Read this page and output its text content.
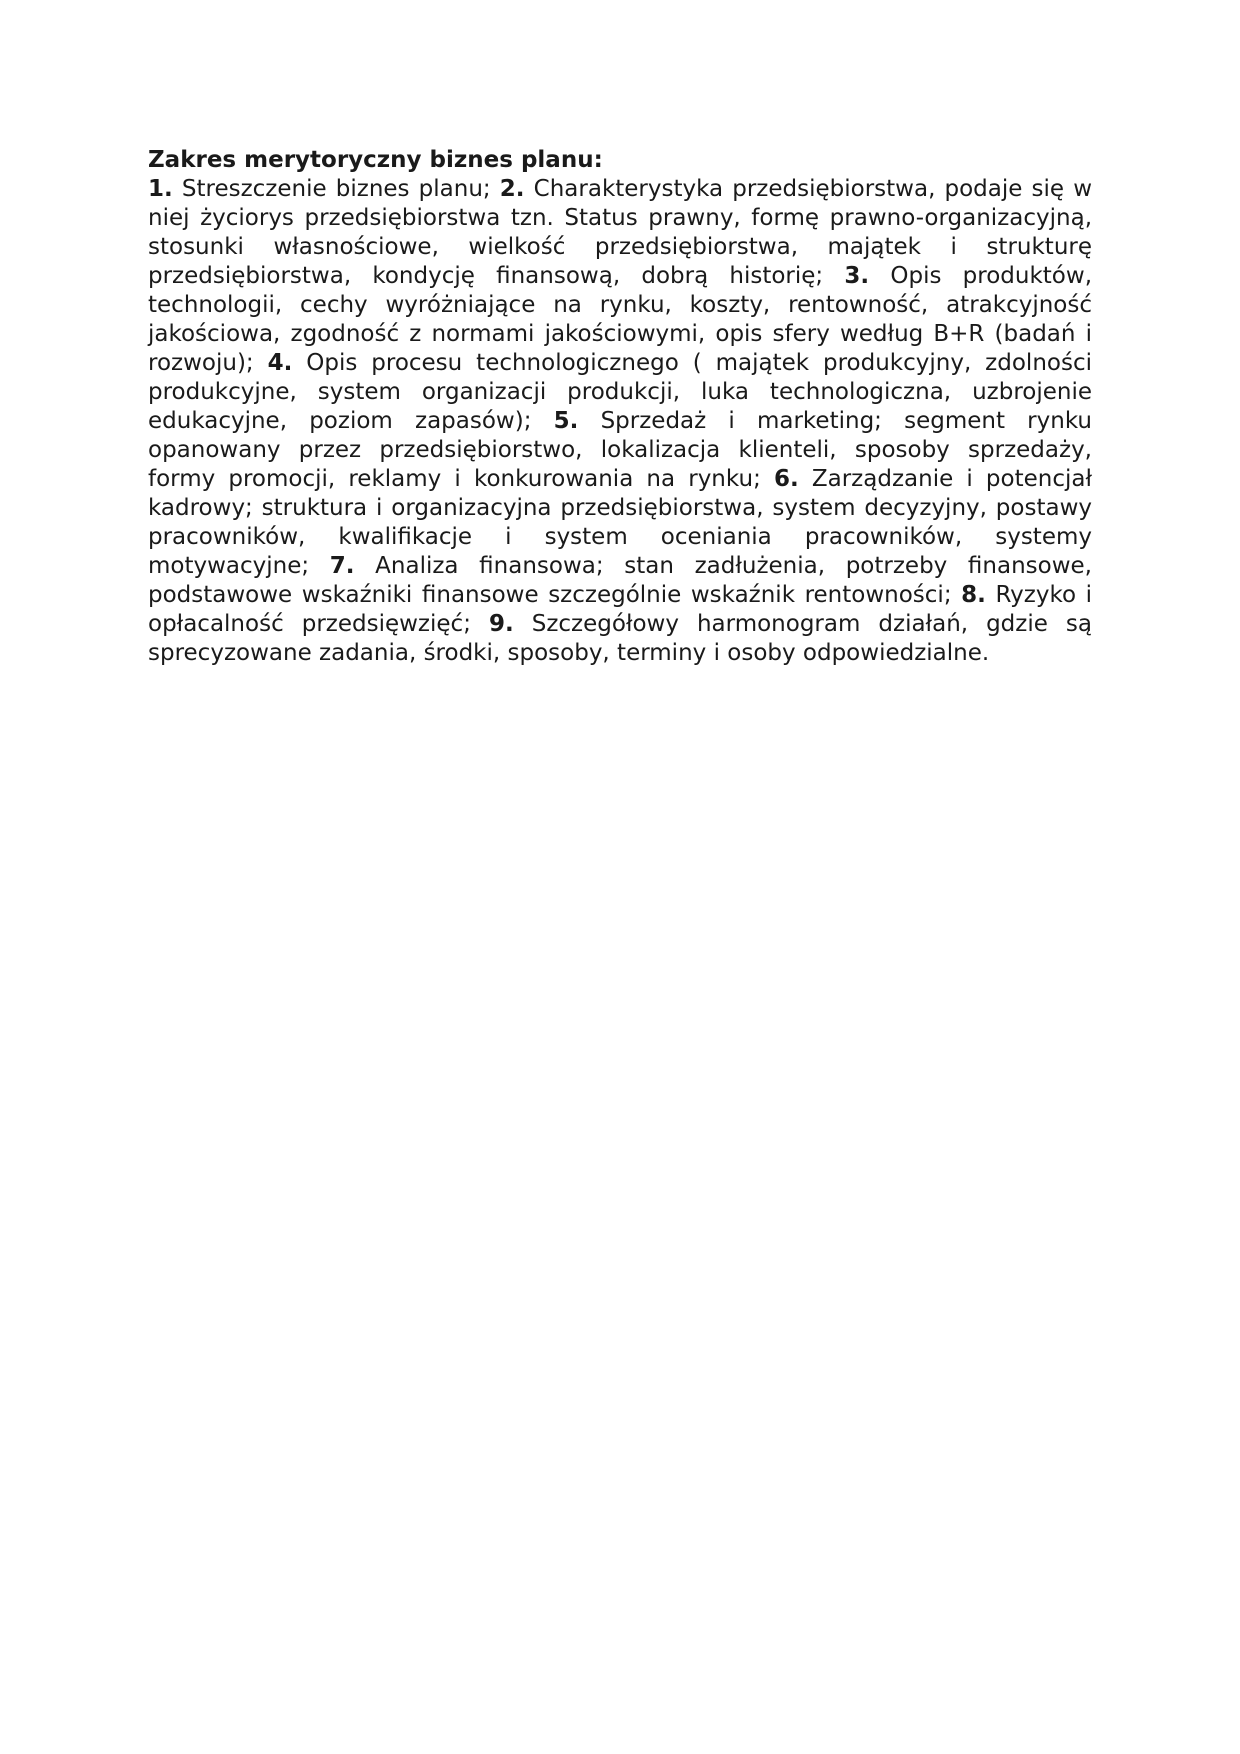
Zakres merytoryczny biznes planu:

1. Streszczenie biznes planu; 2. Charakterystyka przedsiębiorstwa, podaje się w niej życiorys przedsiębiorstwa tzn. Status prawny, formę prawno-organizacyjną, stosunki własnościowe, wielkość przedsiębiorstwa, majątek i strukturę przedsiębiorstwa, kondycję finansową, dobrą historię; 3. Opis produktów, technologii, cechy wyróżniające na rynku, koszty, rentowność, atrakcyjność jakościowa, zgodność z normami jakościowymi, opis sfery według B+R (badań i rozwoju); 4. Opis procesu technologicznego ( majątek produkcyjny, zdolności produkcyjne, system organizacji produkcji, luka technologiczna, uzbrojenie edukacyjne, poziom zapasów); 5. Sprzedaż i marketing; segment rynku opanowany przez przedsiębiorstwo, lokalizacja klienteli, sposoby sprzedaży, formy promocji, reklamy i konkurowania na rynku; 6. Zarządzanie i potencjał kadrowy; struktura i organizacyjna przedsiębiorstwa, system decyzyjny, postawy pracowników, kwalifikacje i system oceniania pracowników, systemy motywacyjne; 7. Analiza finansowa; stan zadłużenia, potrzeby finansowe, podstawowe wskaźniki finansowe szczególnie wskaźnik rentowności; 8. Ryzyko i opłacalność przedsięwzięć; 9. Szczegółowy harmonogram działań, gdzie są sprecyzowane zadania, środki, sposoby, terminy i osoby odpowiedzialne.
